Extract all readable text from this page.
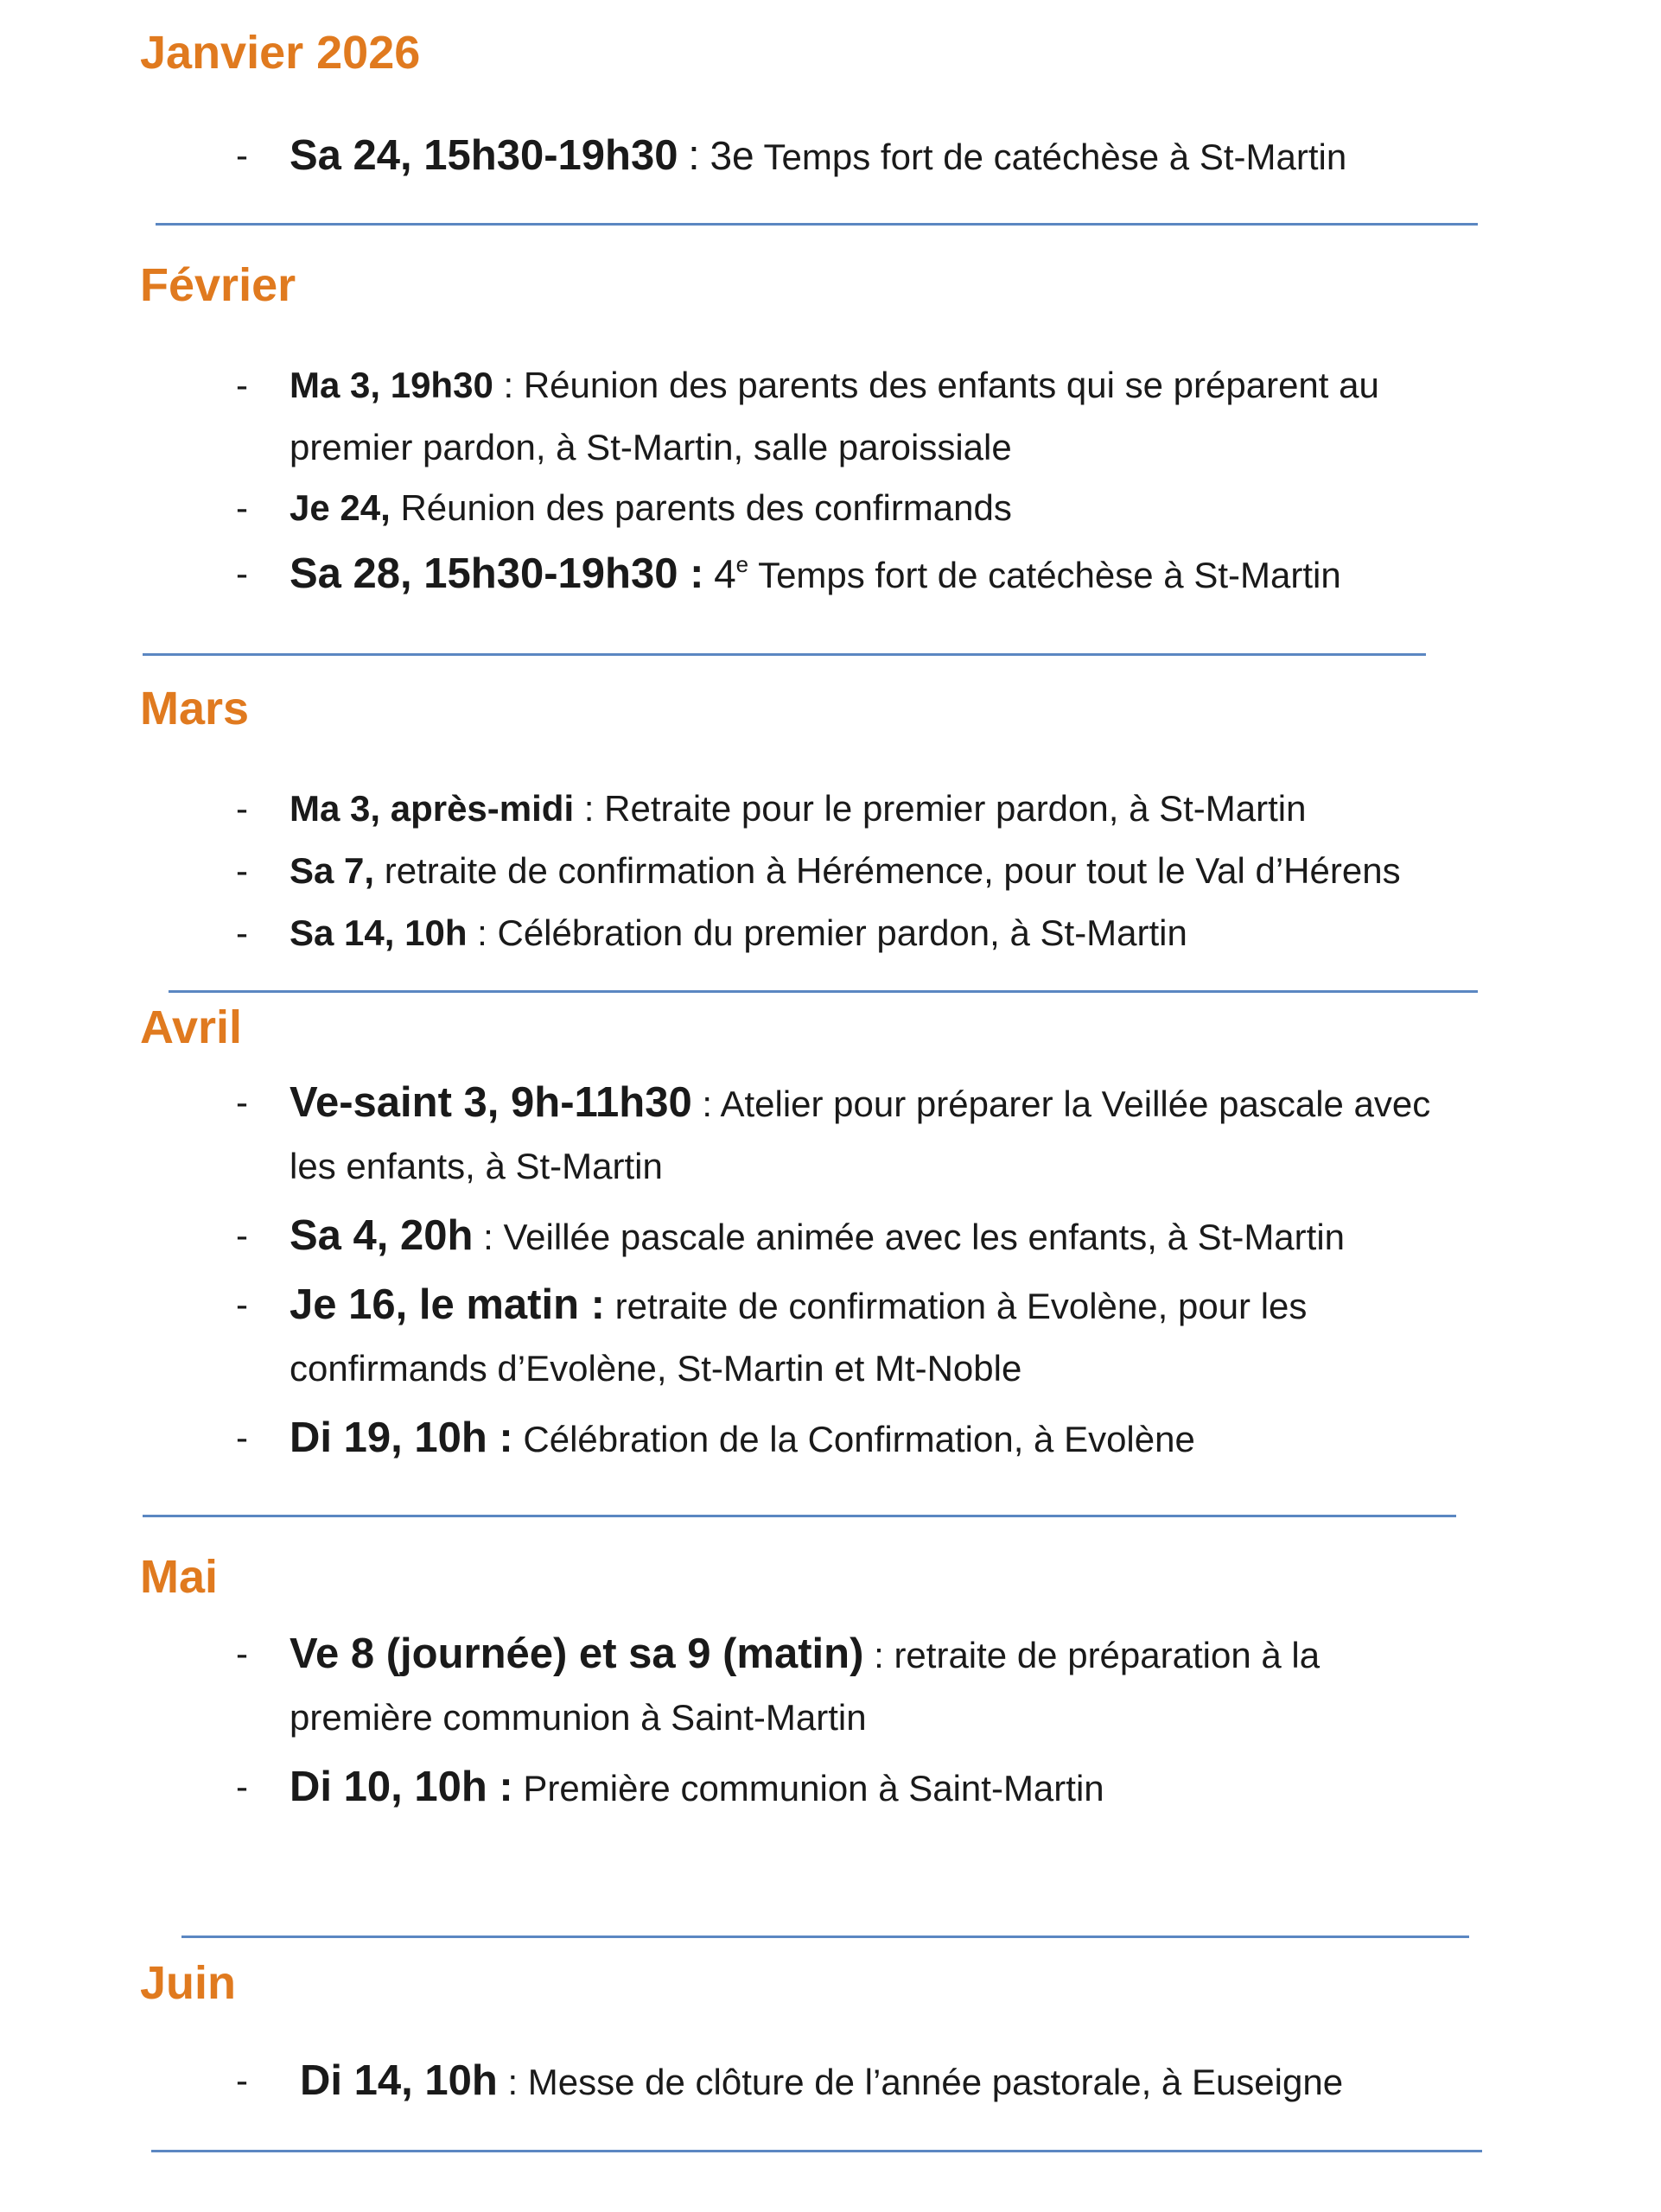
Janvier 2026
- Sa 24, 15h30-19h30 : 3e Temps fort de catéchèse à St-Martin
Février
-	Ma 3, 19h30 : Réunion des parents des enfants qui se préparent au
premier pardon, à St-Martin, salle paroissiale
-	Je 24, Réunion des parents des confirmands
- Sa 28, 15h30-19h30 : 4e Temps fort de catéchèse à St-Martin
Mars
-	Ma 3, après-midi : Retraite pour le premier pardon, à St-Martin
-	Sa 7, retraite de confirmation à Hérémence, pour tout le Val d’Hérens
-	Sa 14, 10h : Célébration du premier pardon, à St-Martin
Avril
- Ve-saint 3, 9h-11h30 : Atelier pour préparer la Veillée pascale avec
les enfants, à St-Martin
- Sa 4, 20h : Veillée pascale animée avec les enfants, à St-Martin
- Je 16, le matin : retraite de confirmation à Evolène, pour les
confirmands d’Evolène, St-Martin et Mt-Noble
- Di 19, 10h : Célébration de la Confirmation, à Evolène
Mai
- Ve 8 (journée) et sa 9 (matin) : retraite de préparation à la
première communion à Saint-Martin
- Di 10, 10h : Première communion à Saint-Martin
Juin
-	Di 14, 10h : Messe de clôture de l’année pastorale, à Euseigne
